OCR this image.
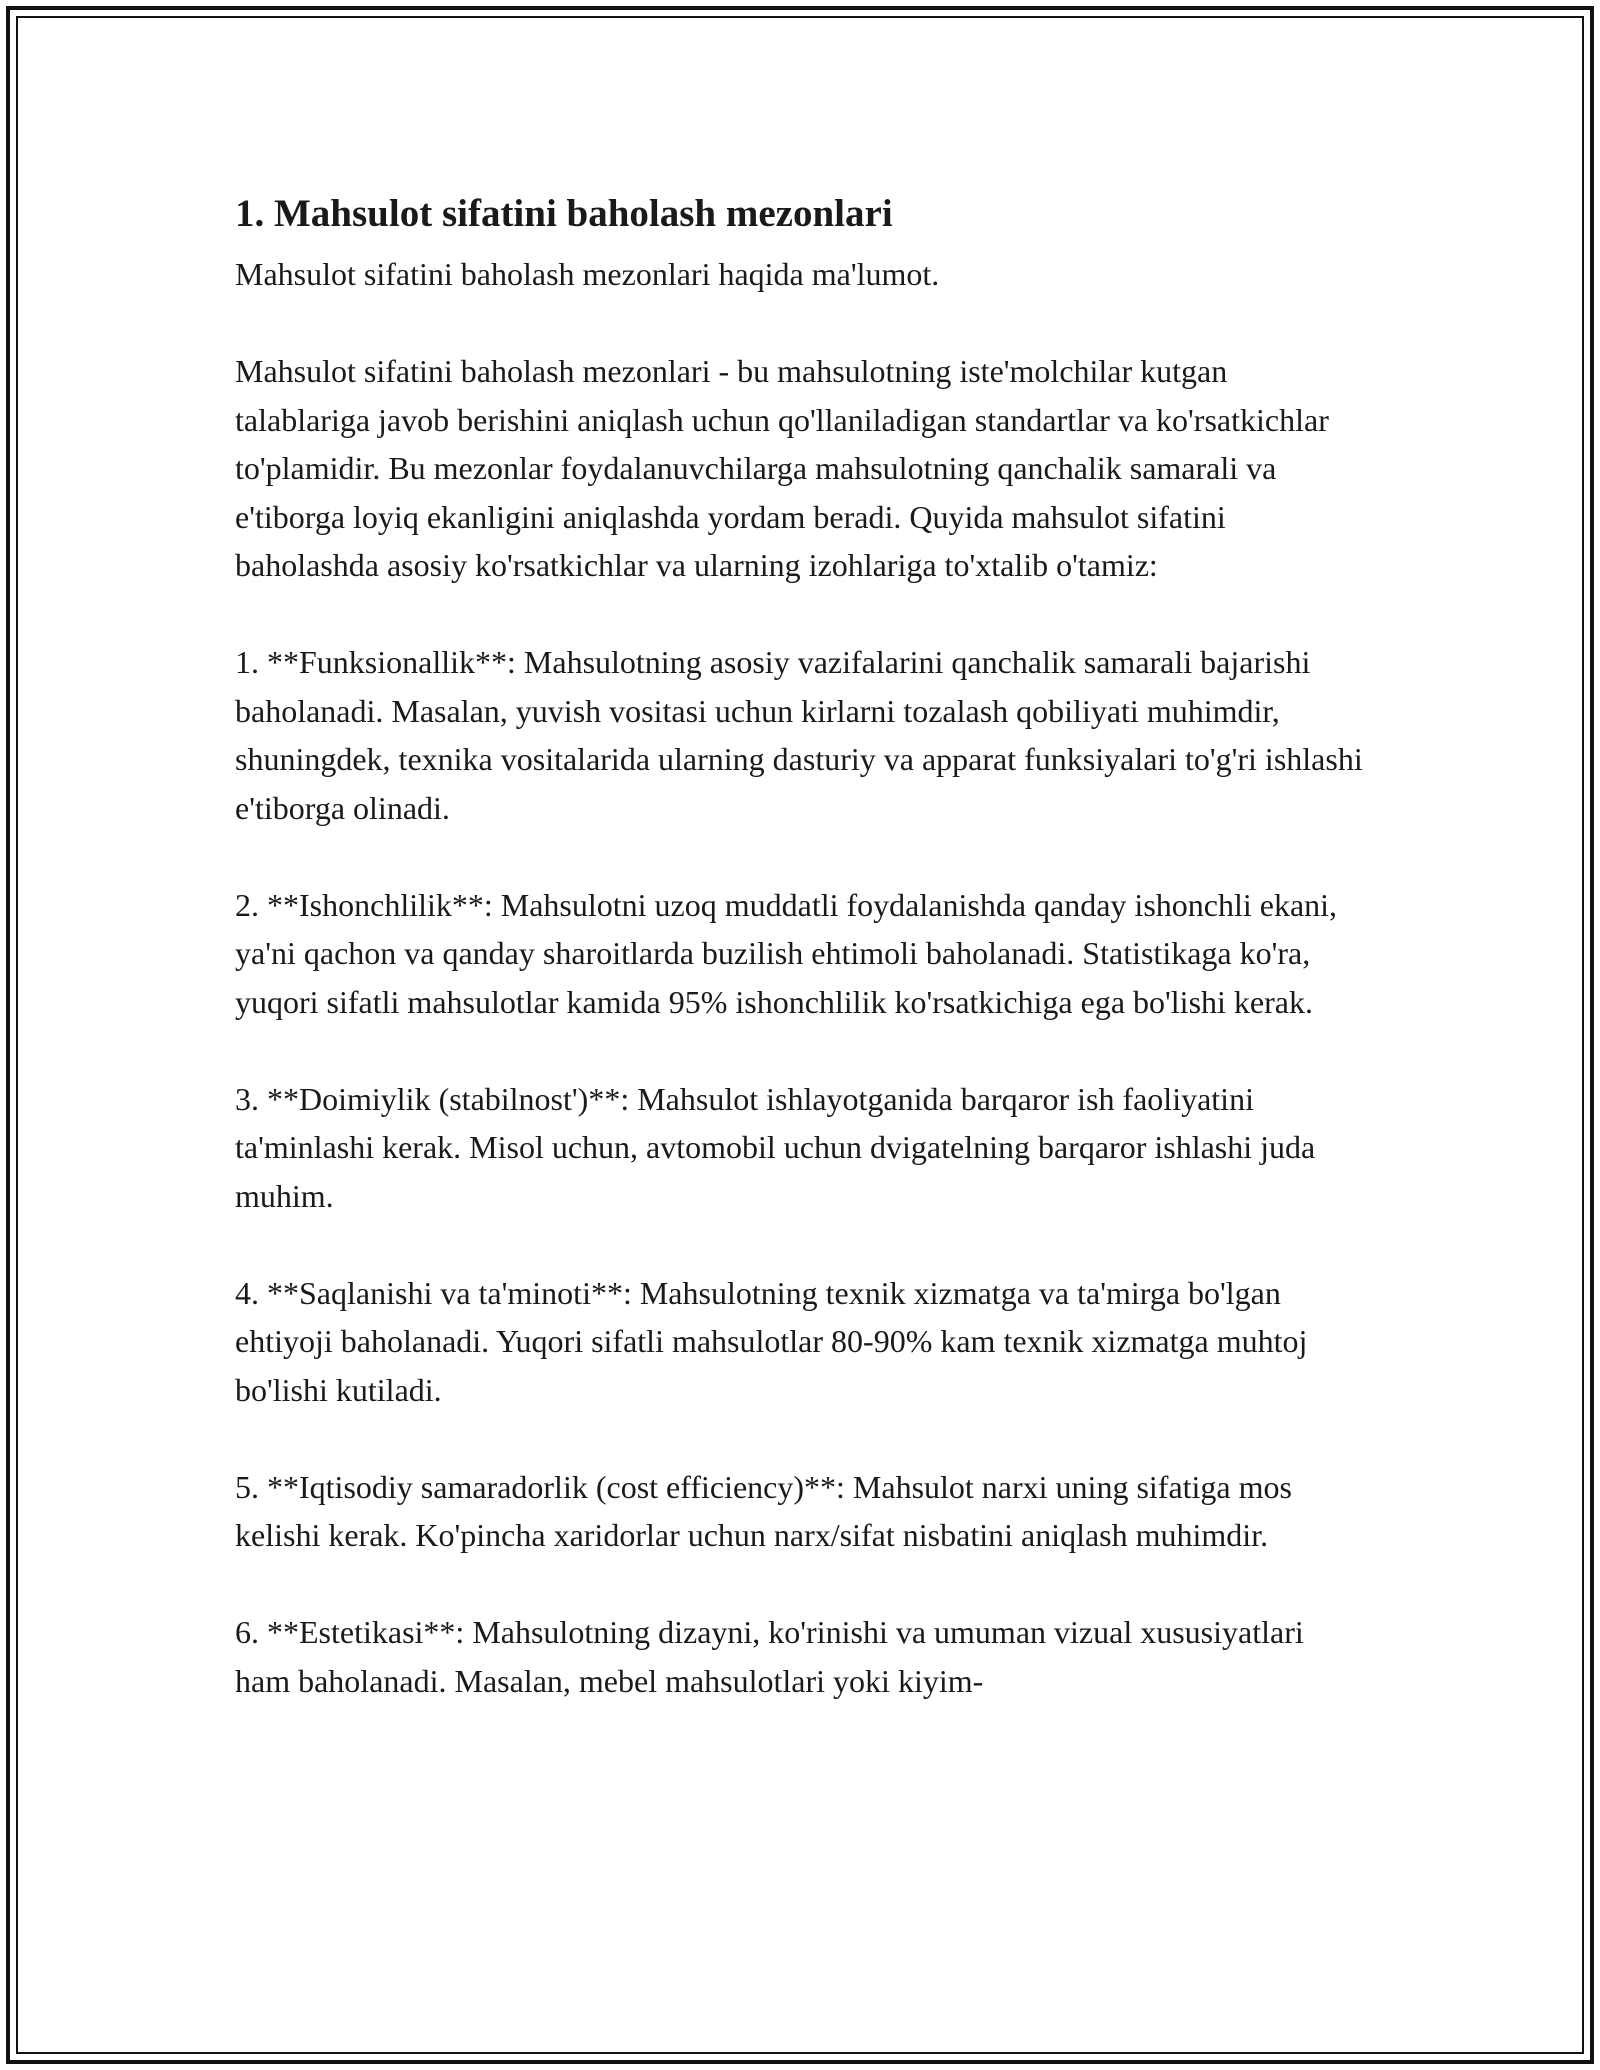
1. Mahsulot sifatini baholash mezonlari

Mahsulot sifatini baholash mezonlari haqida ma'lumot.

Mahsulot sifatini baholash mezonlari - bu mahsulotning iste'molchilar kutgan talablariga javob berishini aniqlash uchun qo'llaniladigan standartlar va ko'rsatkichlar to'plamidir. Bu mezonlar foydalanuvchilarga mahsulotning qanchalik samarali va e'tiborga loyiq ekanligini aniqlashda yordam beradi. Quyida mahsulot sifatini baholashda asosiy ko'rsatkichlar va ularning izohlariga to'xtalib o'tamiz:

1. **Funksionallik**: Mahsulotning asosiy vazifalarini qanchalik samarali bajarishi baholanadi. Masalan, yuvish vositasi uchun kirlarni tozalash qobiliyati muhimdir, shuningdek, texnika vositalarida ularning dasturiy va apparat funksiyalari to'g'ri ishlashi e'tiborga olinadi.

2. **Ishonchlilik**: Mahsulotni uzoq muddatli foydalanishda qanday ishonchli ekani, ya'ni qachon va qanday sharoitlarda buzilish ehtimoli baholanadi. Statistikaga ko'ra, yuqori sifatli mahsulotlar kamida 95% ishonchlilik ko'rsatkichiga ega bo'lishi kerak.

3. **Doimiylik (stabilnost')**: Mahsulot ishlayotganida barqaror ish faoliyatini ta'minlashi kerak. Misol uchun, avtomobil uchun dvigatelning barqaror ishlashi juda muhim.

4. **Saqlanishi va ta'minoti**: Mahsulotning texnik xizmatga va ta'mirga bo'lgan ehtiyoji baholanadi. Yuqori sifatli mahsulotlar 80-90% kam texnik xizmatga muhtoj bo'lishi kutiladi.

5. **Iqtisodiy samaradorlik (cost efficiency)**: Mahsulot narxi uning sifatiga mos kelishi kerak. Ko'pincha xaridorlar uchun narx/sifat nisbatini aniqlash muhimdir.

6. **Estetikasi**: Mahsulotning dizayni, ko'rinishi va umuman vizual xususiyatlari ham baholanadi. Masalan, mebel mahsulotlari yoki kiyim-
